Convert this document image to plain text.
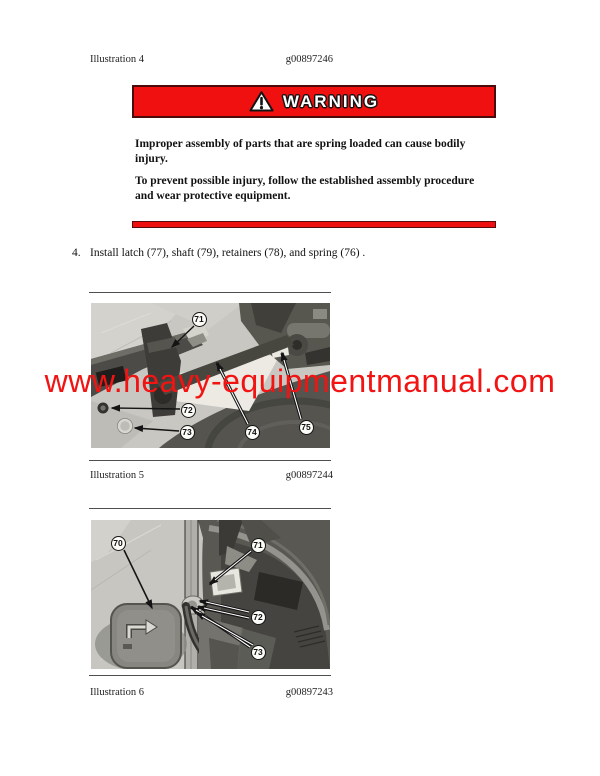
Illustration 4	g00897246
WARNING
Improper assembly of parts that are spring loaded can cause bodily
injury.
To prevent possible injury, follow the established assembly procedure
and wear protective equipment.
4. Install latch (77), shaft (79), retainers (78), and spring (76) .
71
72
73	74	75
Illustration 5	g00897244
70	71
72
73
Illustration 6	g00897243
www.heavy-equipmentmanual.com
